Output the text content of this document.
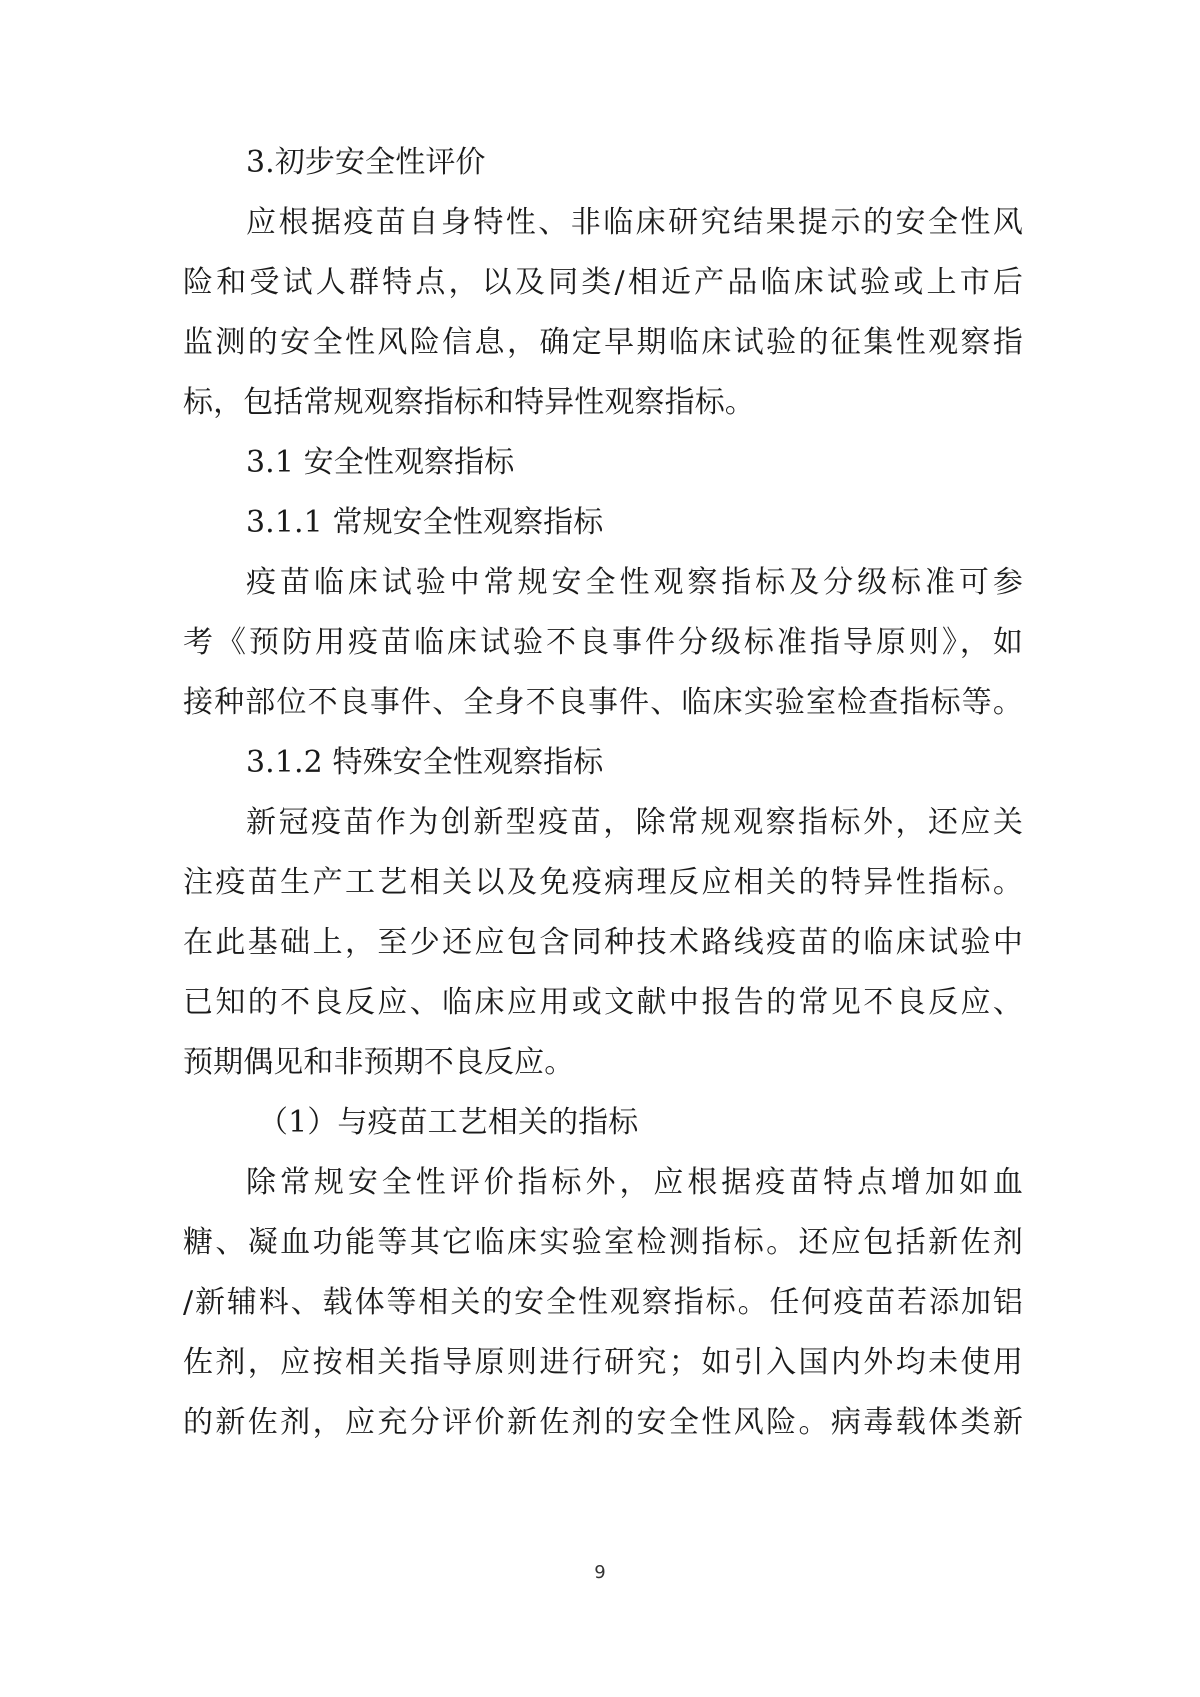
3.初步安全性评价
应根据疫苗自身特性、非临床研究结果提示的安全性风
险和受试人群特点，以及同类/相近产品临床试验或上市后
监测的安全性风险信息，确定早期临床试验的征集性观察指
标，包括常规观察指标和特异性观察指标。
3.1 安全性观察指标
3.1.1 常规安全性观察指标
疫苗临床试验中常规安全性观察指标及分级标准可参
考《预防用疫苗临床试验不良事件分级标准指导原则》，如
接种部位不良事件、全身不良事件、临床实验室检查指标等。
3.1.2 特殊安全性观察指标
新冠疫苗作为创新型疫苗，除常规观察指标外，还应关
注疫苗生产工艺相关以及免疫病理反应相关的特异性指标。
在此基础上，至少还应包含同种技术路线疫苗的临床试验中
已知的不良反应、临床应用或文献中报告的常见不良反应、
预期偶见和非预期不良反应。
（1）与疫苗工艺相关的指标
除常规安全性评价指标外，应根据疫苗特点增加如血
糖、凝血功能等其它临床实验室检测指标。还应包括新佐剂
/新辅料、载体等相关的安全性观察指标。任何疫苗若添加铝
佐剂，应按相关指导原则进行研究；如引入国内外均未使用
的新佐剂，应充分评价新佐剂的安全性风险。病毒载体类新
9
